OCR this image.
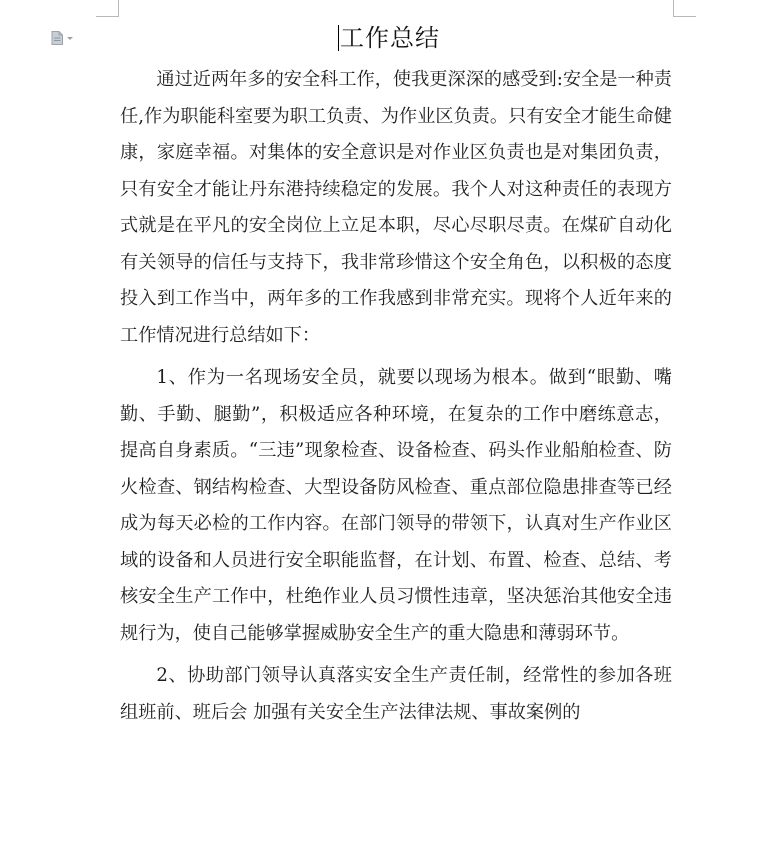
工作总结

通过近两年多的安全科工作，使我更深深的感受到:安全是一种责任,作为职能科室要为职工负责、为作业区负责。只有安全才能生命健康，家庭幸福。对集体的安全意识是对作业区负责也是对集团负责，只有安全才能让丹东港持续稳定的发展。我个人对这种责任的表现方式就是在平凡的安全岗位上立足本职，尽心尽职尽责。在煤矿自动化有关领导的信任与支持下，我非常珍惜这个安全角色，以积极的态度投入到工作当中，两年多的工作我感到非常充实。现将个人近年来的工作情况进行总结如下：

1、作为一名现场安全员，就要以现场为根本。做到“眼勤、嘴勤、手勤、腿勤”，积极适应各种环境，在复杂的工作中磨练意志，提高自身素质。“三违”现象检查、设备检查、码头作业船舶检查、防火检查、钢结构检查、大型设备防风检查、重点部位隐患排查等已经成为每天必检的工作内容。在部门领导的带领下，认真对生产作业区域的设备和人员进行安全职能监督，在计划、布置、检查、总结、考核安全生产工作中，杜绝作业人员习惯性违章，坚决惩治其他安全违规行为，使自己能够掌握威胁安全生产的重大隐患和薄弱环节。

2、协助部门领导认真落实安全生产责任制，经常性的参加各班组班前、班后会 加强有关安全生产法律法规、事故案例的
